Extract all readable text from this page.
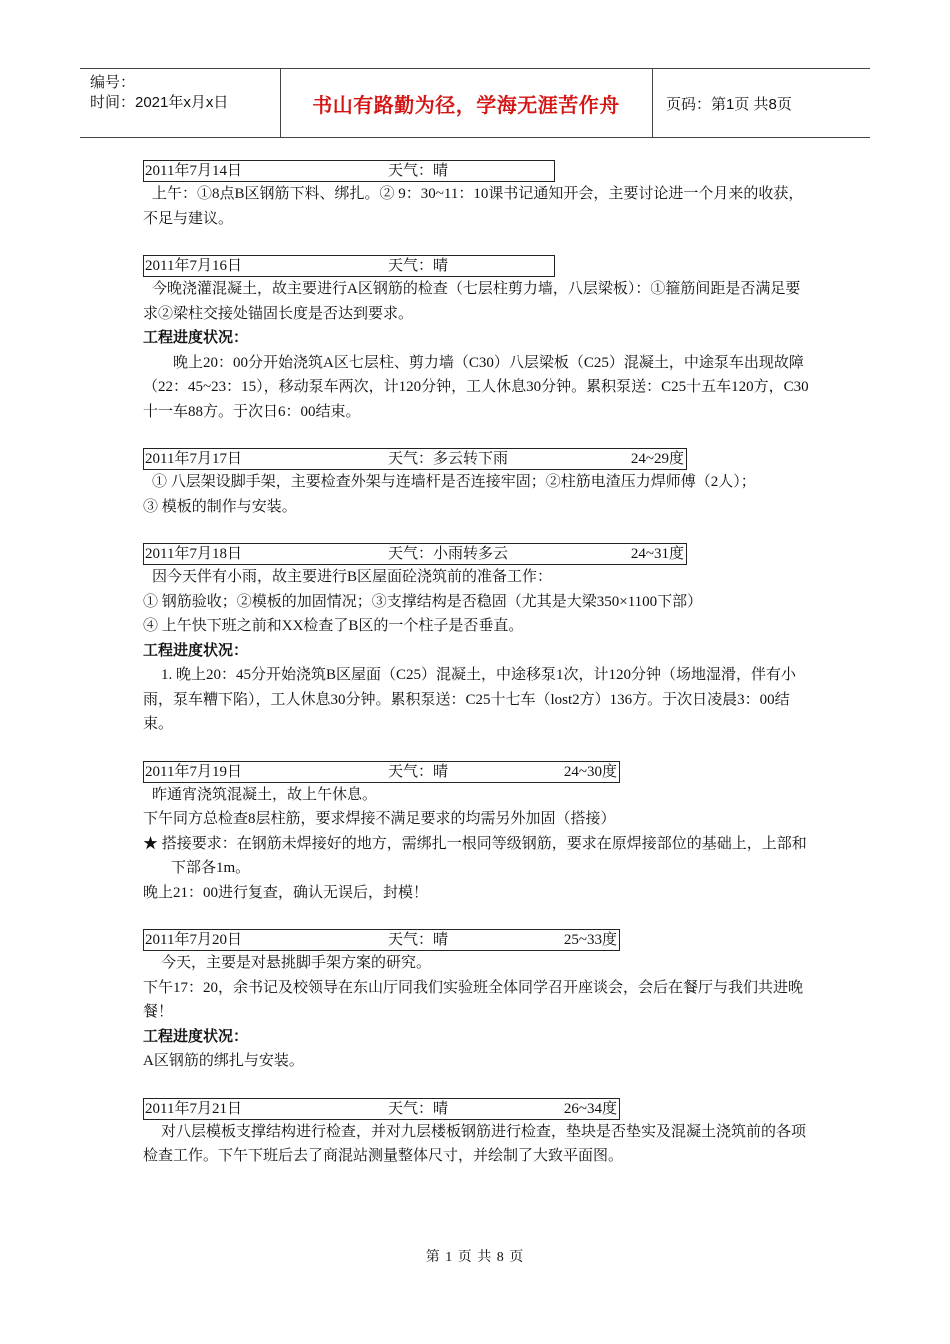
编号：
时间：2021年x月x日	书山有路勤为径，学海无涯苦作舟	页码：第1页 共8页
2011年7月14日	天气：晴

上午：①8点B区钢筋下料、绑扎。② 9：30~11：10课书记通知开会，主要讨论进一个月来的收获，不足与建议。

2011年7月16日	天气：晴

今晚浇灌混凝土，故主要进行A区钢筋的检查（七层柱剪力墙，八层梁板）：①箍筋间距是否满足要求②梁柱交接处锚固长度是否达到要求。

工程进度状况：

晚上20：00分开始浇筑A区七层柱、剪力墙（C30）八层梁板（C25）混凝土，中途泵车出现故障（22：45~23：15），移动泵车两次，计120分钟，工人休息30分钟。累积泵送：C25十五车120方，C30十一车88方。于次日6：00结束。

2011年7月17日	天气：多云转下雨	24~29度

① 八层架设脚手架，主要检查外架与连墙杆是否连接牢固；②柱筋电渣压力焊师傅（2人）；

③ 模板的制作与安装。

2011年7月18日	天气：小雨转多云	24~31度

因今天伴有小雨，故主要进行B区屋面砼浇筑前的准备工作：

① 钢筋验收；②模板的加固情况；③支撑结构是否稳固（尤其是大梁350×1100下部）

④ 上午快下班之前和XX检查了B区的一个柱子是否垂直。

工程进度状况：

1. 晚上20：45分开始浇筑B区屋面（C25）混凝土，中途移泵1次，计120分钟（场地湿滑，伴有小雨，泵车糟下陷），工人休息30分钟。累积泵送：C25十七车（lost2方）136方。于次日凌晨3：00结束。

2011年7月19日	天气：晴	24~30度

昨通宵浇筑混凝土，故上午休息。

下午同方总检查8层柱筋，要求焊接不满足要求的均需另外加固（搭接）

★ 搭接要求：在钢筋未焊接好的地方，需绑扎一根同等级钢筋，要求在原焊接部位的基础上，上部和下部各1m。

晚上21：00进行复查，确认无误后，封模！

2011年7月20日	天气：晴	25~33度

今天，主要是对悬挑脚手架方案的研究。

下午17：20，余书记及校领导在东山厅同我们实验班全体同学召开座谈会，会后在餐厅与我们共进晚餐！

工程进度状况：

A区钢筋的绑扎与安装。

2011年7月21日	天气：晴	26~34度

对八层模板支撑结构进行检查，并对九层楼板钢筋进行检查，垫块是否垫实及混凝土浇筑前的各项检查工作。下午下班后去了商混站测量整体尺寸，并绘制了大致平面图。

第 1 页 共 8 页
